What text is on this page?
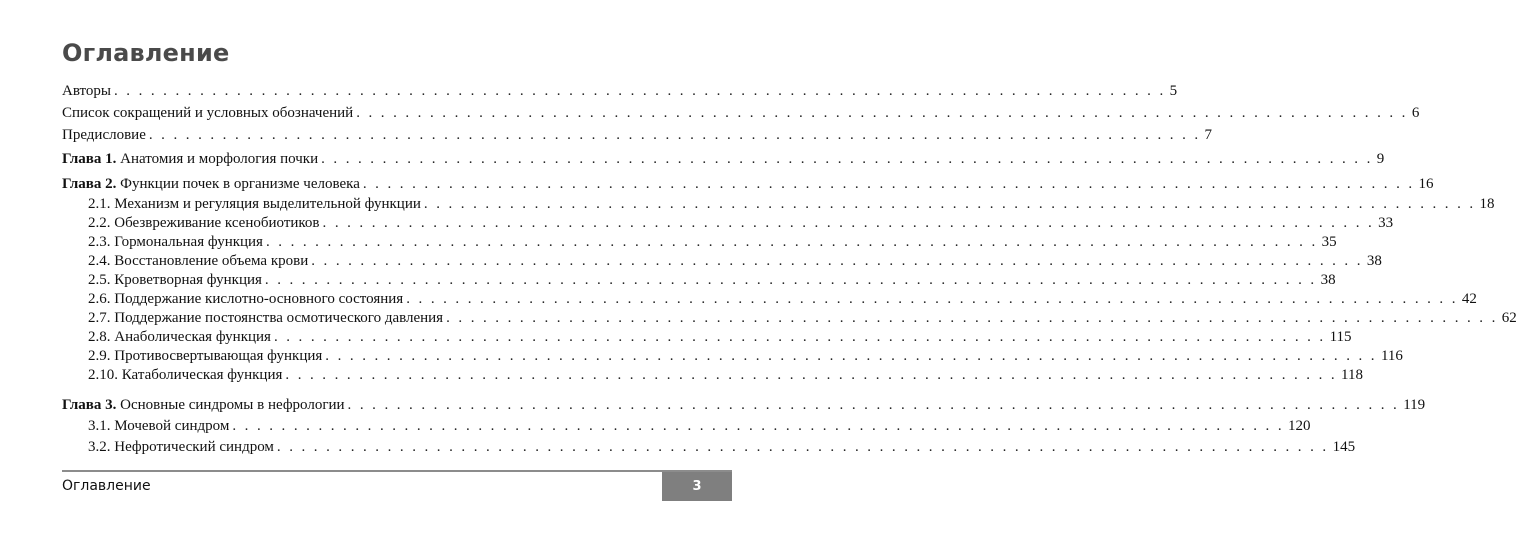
Оглавление
Авторы . . . . . . . . . . . . . . . . . . . . . . . . . . . . . . . . . . . . . . . . . . . . . . . . . . . . . . . . . . . . . . . . . . . . . . . . . . . . . . . . . . . . . . 5
Список сокращений и условных обозначений . . . . . . . . . . . . . . . . . . . . . . . . . . . . . . . . . . . . . . . . . . . . . . . . . . . . . . . . . . . . . . . . . . . . . . . . . . . . . . . . . . . . . . 6
Предисловие . . . . . . . . . . . . . . . . . . . . . . . . . . . . . . . . . . . . . . . . . . . . . . . . . . . . . . . . . . . . . . . . . . . . . . . . . . . . . . . . . . . . . . 7
Глава 1. Анатомия и морфология почки . . . . . . . . . . . . . . . . . . . . . . . . . . . . . . . . . . . . . . . . . . . . . . . . . . . . . . . . . . . . . . . . . . . . . . . . . . . . . . . . . . . . . . 9
Глава 2. Функции почек в организме человека . . . . . . . . . . . . . . . . . . . . . . . . . . . . . . . . . . . . . . . . . . . . . . . . . . . . . . . . . . . . . . . . . . . . . . . . . . . . . . . . . . . . . . 16
2.1. Механизм и регуляция выделительной функции . . . . . . . . . . . . . . . . . . . . . . . . . . . . . . . . . . . . . . . . . . . . . . . . . . . . . . . . . . . . . . . . . . . . . . . . . . . . . . . . . . . . . . 18
2.2. Обезвреживание ксенобиотиков . . . . . . . . . . . . . . . . . . . . . . . . . . . . . . . . . . . . . . . . . . . . . . . . . . . . . . . . . . . . . . . . . . . . . . . . . . . . . . . . . . . . . . 33
2.3. Гормональная функция . . . . . . . . . . . . . . . . . . . . . . . . . . . . . . . . . . . . . . . . . . . . . . . . . . . . . . . . . . . . . . . . . . . . . . . . . . . . . . . . . . . . . . 35
2.4. Восстановление объема крови . . . . . . . . . . . . . . . . . . . . . . . . . . . . . . . . . . . . . . . . . . . . . . . . . . . . . . . . . . . . . . . . . . . . . . . . . . . . . . . . . . . . . . 38
2.5. Кроветворная функция . . . . . . . . . . . . . . . . . . . . . . . . . . . . . . . . . . . . . . . . . . . . . . . . . . . . . . . . . . . . . . . . . . . . . . . . . . . . . . . . . . . . . . 38
2.6. Поддержание кислотно-основного состояния . . . . . . . . . . . . . . . . . . . . . . . . . . . . . . . . . . . . . . . . . . . . . . . . . . . . . . . . . . . . . . . . . . . . . . . . . . . . . . . . . . . . . . 42
2.7. Поддержание постоянства осмотического давления . . . . . . . . . . . . . . . . . . . . . . . . . . . . . . . . . . . . . . . . . . . . . . . . . . . . . . . . . . . . . . . . . . . . . . . . . . . . . . . . . . . . . . 62
2.8. Анаболическая функция . . . . . . . . . . . . . . . . . . . . . . . . . . . . . . . . . . . . . . . . . . . . . . . . . . . . . . . . . . . . . . . . . . . . . . . . . . . . . . . . . . . . . . 115
2.9. Противосвертывающая функция . . . . . . . . . . . . . . . . . . . . . . . . . . . . . . . . . . . . . . . . . . . . . . . . . . . . . . . . . . . . . . . . . . . . . . . . . . . . . . . . . . . . . . 116
2.10. Катаболическая функция . . . . . . . . . . . . . . . . . . . . . . . . . . . . . . . . . . . . . . . . . . . . . . . . . . . . . . . . . . . . . . . . . . . . . . . . . . . . . . . . . . . . . . 118
Глава 3. Основные синдромы в нефрологии . . . . . . . . . . . . . . . . . . . . . . . . . . . . . . . . . . . . . . . . . . . . . . . . . . . . . . . . . . . . . . . . . . . . . . . . . . . . . . . . . . . . . . 119
3.1. Мочевой синдром . . . . . . . . . . . . . . . . . . . . . . . . . . . . . . . . . . . . . . . . . . . . . . . . . . . . . . . . . . . . . . . . . . . . . . . . . . . . . . . . . . . . . . 120
3.2. Нефротический синдром . . . . . . . . . . . . . . . . . . . . . . . . . . . . . . . . . . . . . . . . . . . . . . . . . . . . . . . . . . . . . . . . . . . . . . . . . . . . . . . . . . . . . . 145
Оглавление	3
